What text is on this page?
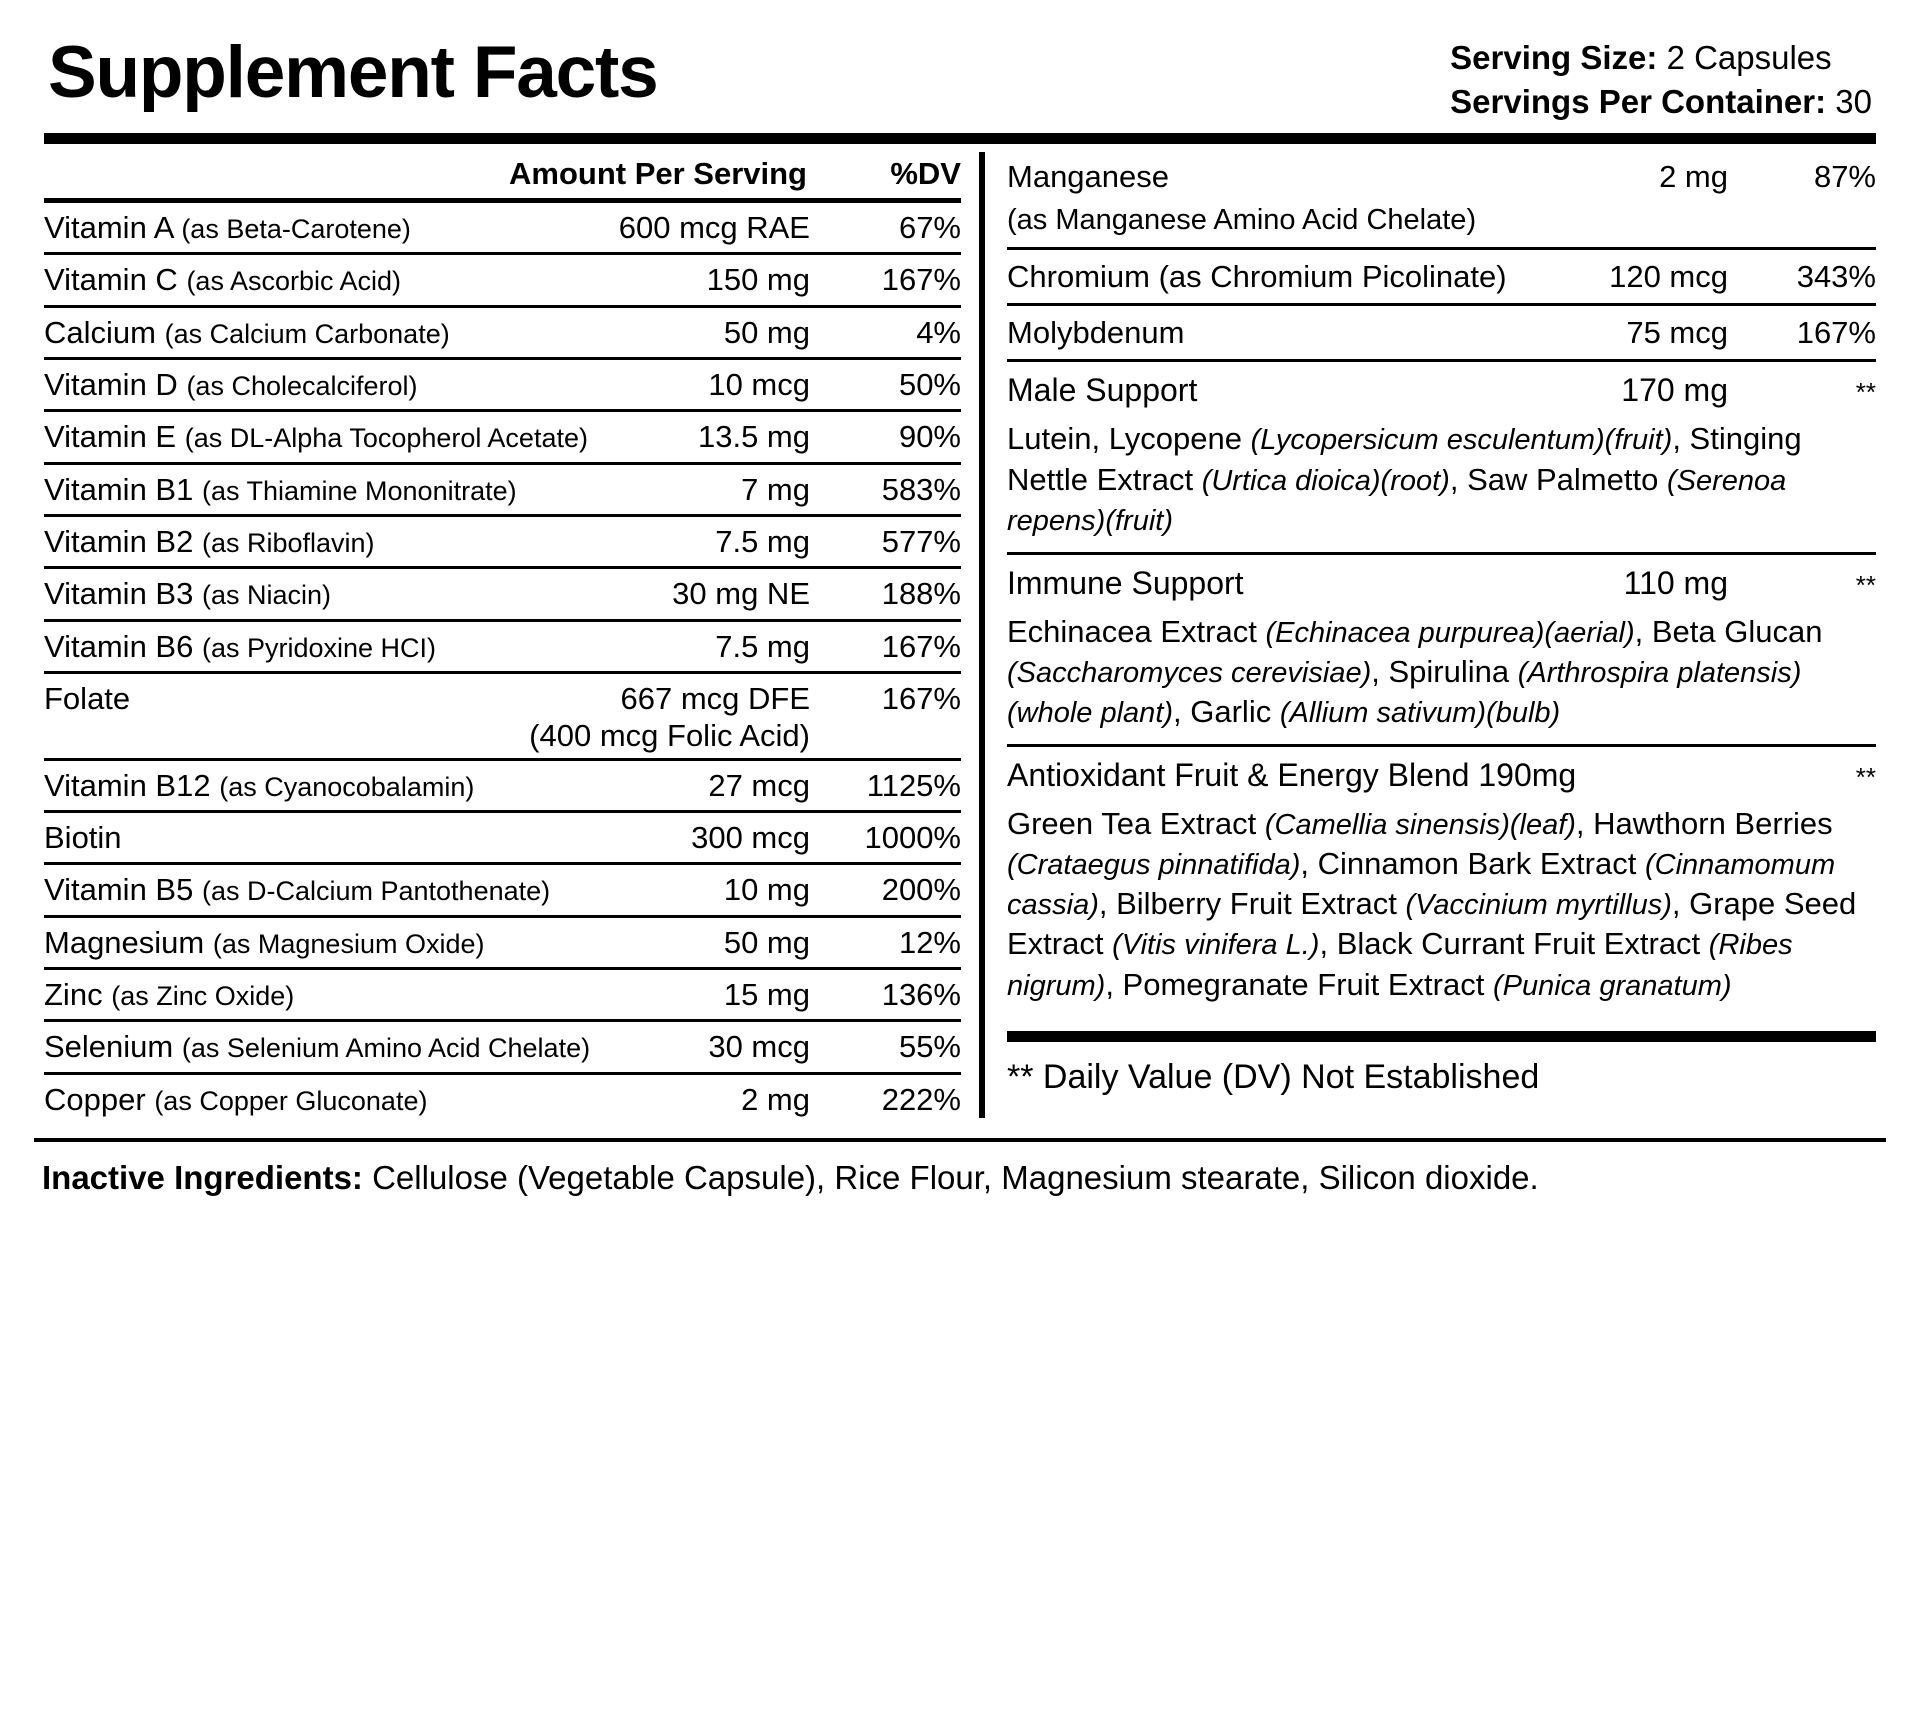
Supplement Facts	Serving Size: 2 Capsules
Servings Per Container: 30
Amount Per Serving	%DV
Vitamin A (as Beta-Carotene)	600 mcg RAE	67%
Vitamin C (as Ascorbic Acid)	150 mg	167%
Calcium (as Calcium Carbonate)	50 mg	4%
Vitamin D (as Cholecalciferol)	10 mcg	50%
Vitamin E (as DL-Alpha Tocopherol Acetate)	13.5 mg	90%
Vitamin B1 (as Thiamine Mononitrate)	7 mg	583%
Vitamin B2 (as Riboflavin)	7.5 mg	577%
Vitamin B3 (as Niacin)	30 mg NE	188%
Vitamin B6 (as Pyridoxine HCI)	7.5 mg	167%
Folate	667 mcg DFE	167%
(400 mcg Folic Acid)
Vitamin B12 (as Cyanocobalamin)	27 mcg	1125%
Biotin	300 mcg	1000%
Vitamin B5 (as D-Calcium Pantothenate)	10 mg	200%
Magnesium (as Magnesium Oxide)	50 mg	12%
Zinc (as Zinc Oxide)	15 mg	136%
Selenium (as Selenium Amino Acid Chelate)	30 mcg	55%
Copper (as Copper Gluconate)	2 mg	222%
Manganese	2 mg	87%
(as Manganese Amino Acid Chelate)
Chromium (as Chromium Picolinate)	120 mcg	343%
Molybdenum	75 mcg	167%
Male Support	170 mg	**
Lutein, Lycopene (Lycopersicum esculentum)(fruit), Stinging Nettle Extract (Urtica dioica)(root), Saw Palmetto (Serenoa repens)(fruit)
Immune Support	110 mg	**
Echinacea Extract (Echinacea purpurea)(aerial), Beta Glucan (Saccharomyces cerevisiae), Spirulina (Arthrospira platensis)(whole plant), Garlic (Allium sativum)(bulb)
Antioxidant Fruit & Energy Blend 190mg	**
Green Tea Extract (Camellia sinensis)(leaf), Hawthorn Berries (Crataegus pinnatifida), Cinnamon Bark Extract (Cinnamomum cassia), Bilberry Fruit Extract (Vaccinium myrtillus), Grape Seed Extract (Vitis vinifera L.), Black Currant Fruit Extract (Ribes nigrum), Pomegranate Fruit Extract (Punica granatum)
** Daily Value (DV) Not Established
Inactive Ingredients: Cellulose (Vegetable Capsule), Rice Flour, Magnesium stearate, Silicon dioxide.
